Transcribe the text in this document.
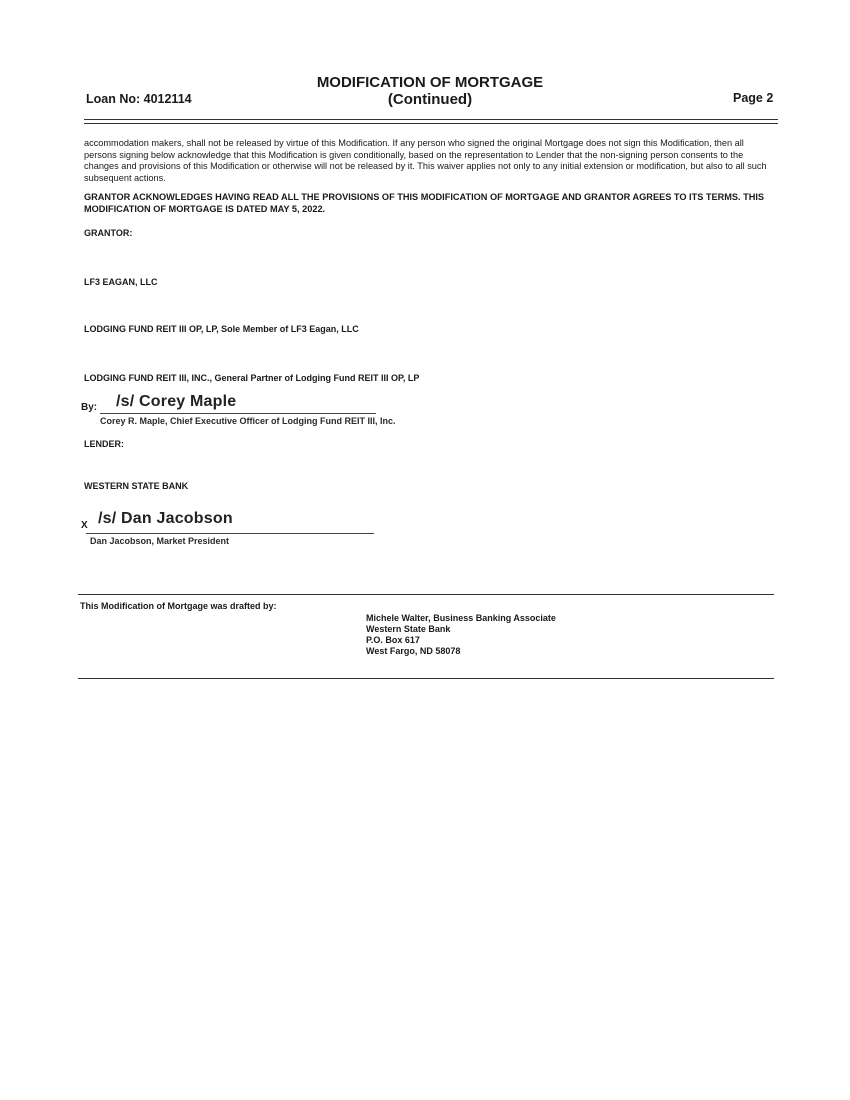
Loan No: 4012114
MODIFICATION OF MORTGAGE
(Continued)	Page 2
accommodation makers, shall not be released by virtue of this Modification. If any person who signed the original Mortgage does not sign this Modification, then all persons signing below acknowledge that this Modification is given conditionally, based on the representation to Lender that the non-signing person consents to the changes and provisions of this Modification or otherwise will not be released by it. This waiver applies not only to any initial extension or modification, but also to all such subsequent actions.
GRANTOR ACKNOWLEDGES HAVING READ ALL THE PROVISIONS OF THIS MODIFICATION OF MORTGAGE AND GRANTOR AGREES TO ITS TERMS. THIS MODIFICATION OF MORTGAGE IS DATED MAY 5, 2022.
GRANTOR:
LF3 EAGAN, LLC
LODGING FUND REIT III OP, LP, Sole Member of LF3 Eagan, LLC
LODGING FUND REIT III, INC., General Partner of Lodging Fund REIT III OP, LP
By: /s/ Corey Maple
Corey R. Maple, Chief Executive Officer of Lodging Fund REIT III, Inc.
LENDER:
WESTERN STATE BANK
X /s/ Dan Jacobson
Dan Jacobson, Market President
This Modification of Mortgage was drafted by:
Michele Walter, Business Banking Associate
Western State Bank
P.O. Box 617
West Fargo, ND 58078
